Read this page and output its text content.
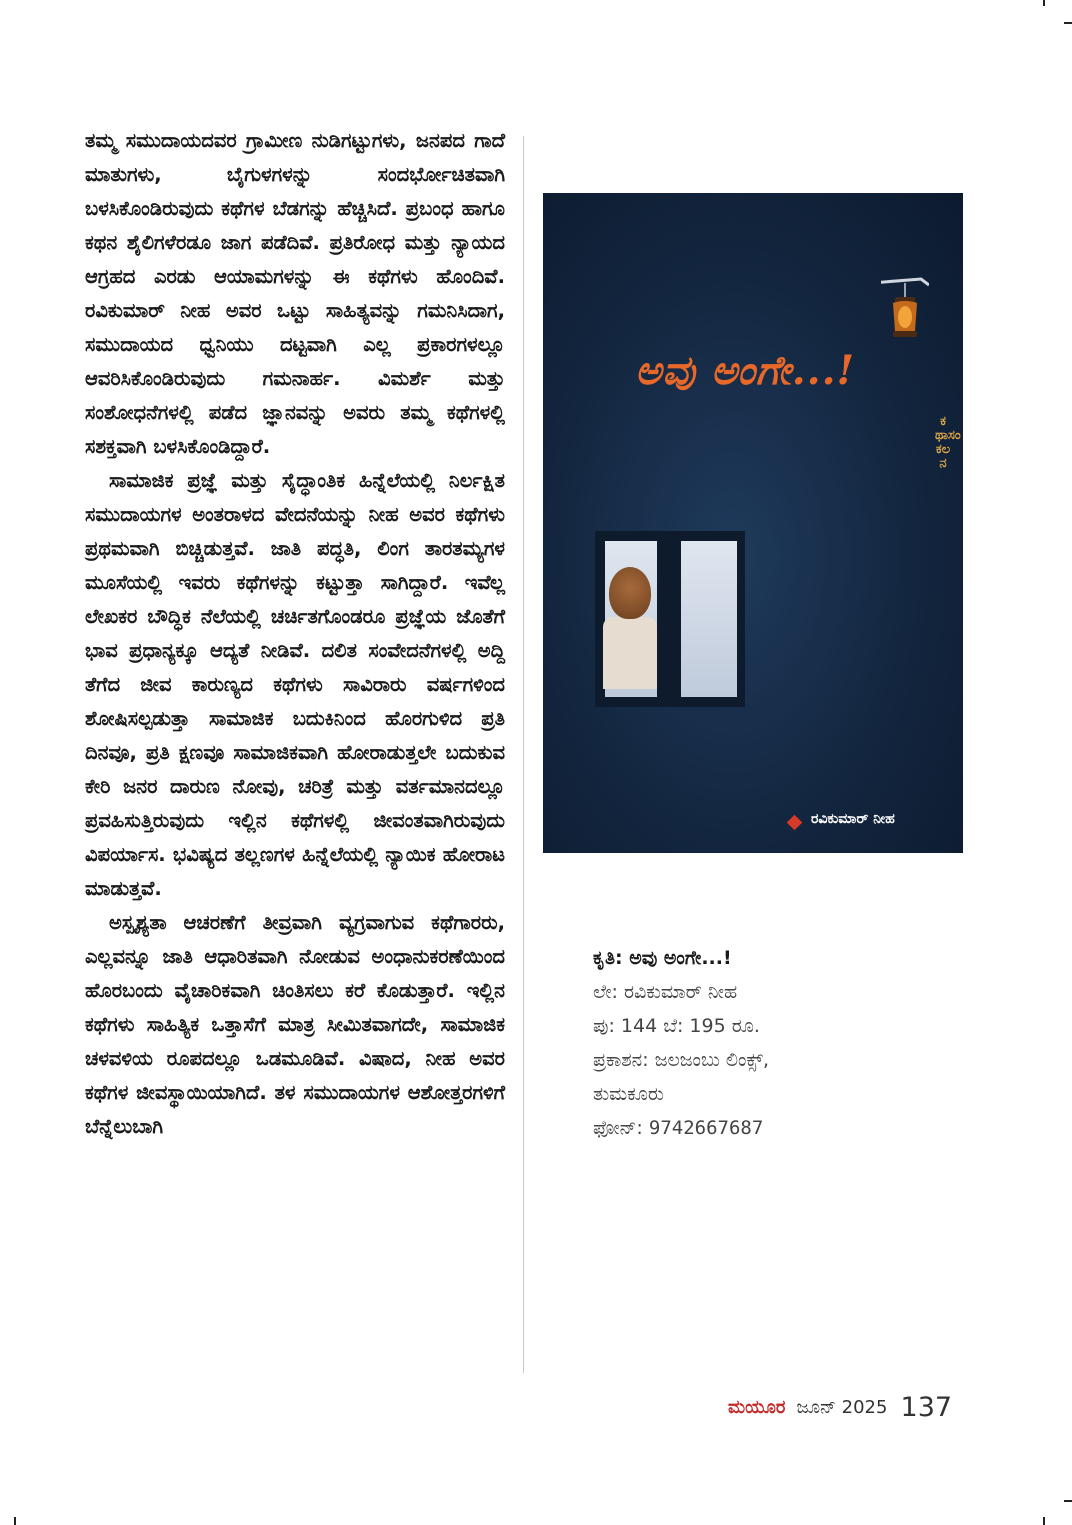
ತಮ್ಮ ಸಮುದಾಯದವರ ಗ್ರಾಮೀಣ ನುಡಿಗಟ್ಟುಗಳು, ಜನಪದ ಗಾದೆ ಮಾತುಗಳು, ಬೈಗುಳಗಳನ್ನು ಸಂದರ್ಭೋಚಿತವಾಗಿ ಬಳಸಿಕೊಂಡಿರುವುದು ಕಥೆಗಳ ಬೆಡಗನ್ನು ಹೆಚ್ಚಿಸಿದೆ. ಪ್ರಬಂಧ ಹಾಗೂ ಕಥನ ಶೈಲಿಗಳೆರಡೂ ಜಾಗ ಪಡೆದಿವೆ. ಪ್ರತಿರೋಧ ಮತ್ತು ನ್ಯಾಯದ ಆಗ್ರಹದ ಎರಡು ಆಯಾಮಗಳನ್ನು ಈ ಕಥೆಗಳು ಹೊಂದಿವೆ. ರವಿಕುಮಾರ್ ನೀಹ ಅವರ ಒಟ್ಟು ಸಾಹಿತ್ಯವನ್ನು ಗಮನಿಸಿದಾಗ, ಸಮುದಾಯದ ಧ್ವನಿಯು ದಟ್ಟವಾಗಿ ಎಲ್ಲ ಪ್ರಕಾರಗಳಲ್ಲೂ ಆವರಿಸಿಕೊಂಡಿರುವುದು ಗಮನಾರ್ಹ. ವಿಮರ್ಶೆ ಮತ್ತು ಸಂಶೋಧನೆಗಳಲ್ಲಿ ಪಡೆದ ಜ್ಞಾನವನ್ನು ಅವರು ತಮ್ಮ ಕಥೆಗಳಲ್ಲಿ ಸಶಕ್ತವಾಗಿ ಬಳಸಿಕೊಂಡಿದ್ದಾರೆ.

ಸಾಮಾಜಿಕ ಪ್ರಜ್ಞೆ ಮತ್ತು ಸೈದ್ಧಾಂತಿಕ ಹಿನ್ನೆಲೆಯಲ್ಲಿ ನಿರ್ಲಕ್ಷಿತ ಸಮುದಾಯಗಳ ಅಂತರಾಳದ ವೇದನೆಯನ್ನು ನೀಹ ಅವರ ಕಥೆಗಳು ಪ್ರಥಮವಾಗಿ ಬಿಚ್ಚಿಡುತ್ತವೆ. ಜಾತಿ ಪದ್ಧತಿ, ಲಿಂಗ ತಾರತಮ್ಯಗಳ ಮೂಸೆಯಲ್ಲಿ ಇವರು ಕಥೆಗಳನ್ನು ಕಟ್ಟುತ್ತಾ ಸಾಗಿದ್ದಾರೆ. ಇವೆಲ್ಲ ಲೇಖಕರ ಬೌದ್ಧಿಕ ನೆಲೆಯಲ್ಲಿ ಚರ್ಚಿತಗೊಂಡರೂ ಪ್ರಜ್ಞೆಯ ಜೊತೆಗೆ ಭಾವ ಪ್ರಧಾನ್ಯಕ್ಕೂ ಆದ್ಯತೆ ನೀಡಿವೆ. ದಲಿತ ಸಂವೇದನೆಗಳಲ್ಲಿ ಅದ್ದಿ ತೆಗೆದ ಜೀವ ಕಾರುಣ್ಯದ ಕಥೆಗಳು ಸಾವಿರಾರು ವರ್ಷಗಳಿಂದ ಶೋಷಿಸಲ್ಪಡುತ್ತಾ ಸಾಮಾಜಿಕ ಬದುಕಿನಿಂದ ಹೊರಗುಳಿದ ಪ್ರತಿ ದಿನವೂ, ಪ್ರತಿ ಕ್ಷಣವೂ ಸಾಮಾಜಿಕವಾಗಿ ಹೋರಾಡುತ್ತಲೇ ಬದುಕುವ ಕೇರಿ ಜನರ ದಾರುಣ ನೋವು, ಚರಿತ್ರೆ ಮತ್ತು ವರ್ತಮಾನದಲ್ಲೂ ಪ್ರವಹಿಸುತ್ತಿರುವುದು ಇಲ್ಲಿನ ಕಥೆಗಳಲ್ಲಿ ಜೀವಂತವಾಗಿರುವುದು ವಿಪರ್ಯಾಸ. ಭವಿಷ್ಯದ ತಲ್ಲಣಗಳ ಹಿನ್ನೆಲೆಯಲ್ಲಿ ನ್ಯಾಯಿಕ ಹೋರಾಟ ಮಾಡುತ್ತವೆ.

ಅಸ್ಪೃಶ್ಯತಾ ಆಚರಣೆಗೆ ತೀವ್ರವಾಗಿ ವ್ಯಗ್ರವಾಗುವ ಕಥೆಗಾರರು, ಎಲ್ಲವನ್ನೂ ಜಾತಿ ಆಧಾರಿತವಾಗಿ ನೋಡುವ ಅಂಧಾನುಕರಣೆಯಿಂದ ಹೊರಬಂದು ವೈಚಾರಿಕವಾಗಿ ಚಿಂತಿಸಲು ಕರೆ ಕೊಡುತ್ತಾರೆ. ಇಲ್ಲಿನ ಕಥೆಗಳು ಸಾಹಿತ್ಯಿಕ ಒತ್ತಾಸೆಗೆ ಮಾತ್ರ ಸೀಮಿತವಾಗದೇ, ಸಾಮಾಜಿಕ ಚಳವಳಿಯ ರೂಪದಲ್ಲೂ ಒಡಮೂಡಿವೆ. ವಿಷಾದ, ನೀಹ ಅವರ ಕಥೆಗಳ ಜೀವಸ್ಥಾಯಿಯಾಗಿದೆ. ತಳ ಸಮುದಾಯಗಳ ಆಶೋತ್ತರಗಳಿಗೆ ಬೆನ್ನೆಲುಬಾಗಿ

ಅವು ಅಂಗೇ...!
ಕಥಾಸಂಕಲನ
ರವಿಕುಮಾರ್ ನೀಹ
ಕೃತಿ: ಅವು ಅಂಗೇ...!
ಲೇ: ರವಿಕುಮಾರ್ ನೀಹ
ಪು: 144 ಬೆ: 195 ರೂ.
ಪ್ರಕಾಶನ: ಜಲಜಂಬು ಲಿಂಕ್ಸ್,
ತುಮಕೂರು
ಫೋನ್: 9742667687
ಮಯೂರ ಜೂನ್ 2025 137
